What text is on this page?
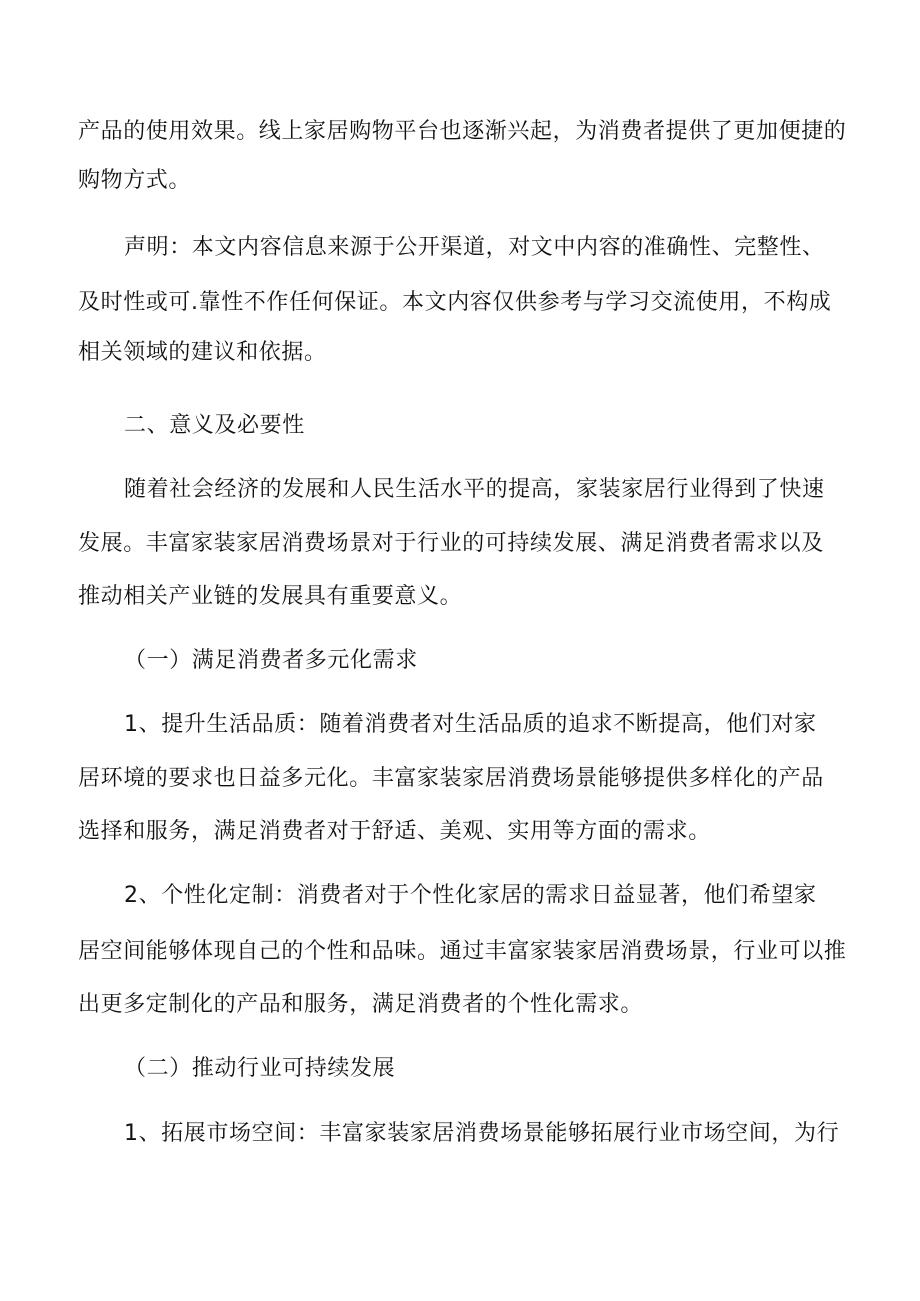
产品的使用效果。线上家居购物平台也逐渐兴起，为消费者提供了更加便捷的
购物方式。
声明：本文内容信息来源于公开渠道，对文中内容的准确性、完整性、
及时性或可.靠性不作任何保证。本文内容仅供参考与学习交流使用，不构成
相关领域的建议和依据。
二、意义及必要性
随着社会经济的发展和人民生活水平的提高，家装家居行业得到了快速
发展。丰富家装家居消费场景对于行业的可持续发展、满足消费者需求以及
推动相关产业链的发展具有重要意义。
（一）满足消费者多元化需求
1、提升生活品质：随着消费者对生活品质的追求不断提高，他们对家
居环境的要求也日益多元化。丰富家装家居消费场景能够提供多样化的产品
选择和服务，满足消费者对于舒适、美观、实用等方面的需求。
2、个性化定制：消费者对于个性化家居的需求日益显著，他们希望家
居空间能够体现自己的个性和品味。通过丰富家装家居消费场景，行业可以推
出更多定制化的产品和服务，满足消费者的个性化需求。
（二）推动行业可持续发展
1、拓展市场空间：丰富家装家居消费场景能够拓展行业市场空间，为行
